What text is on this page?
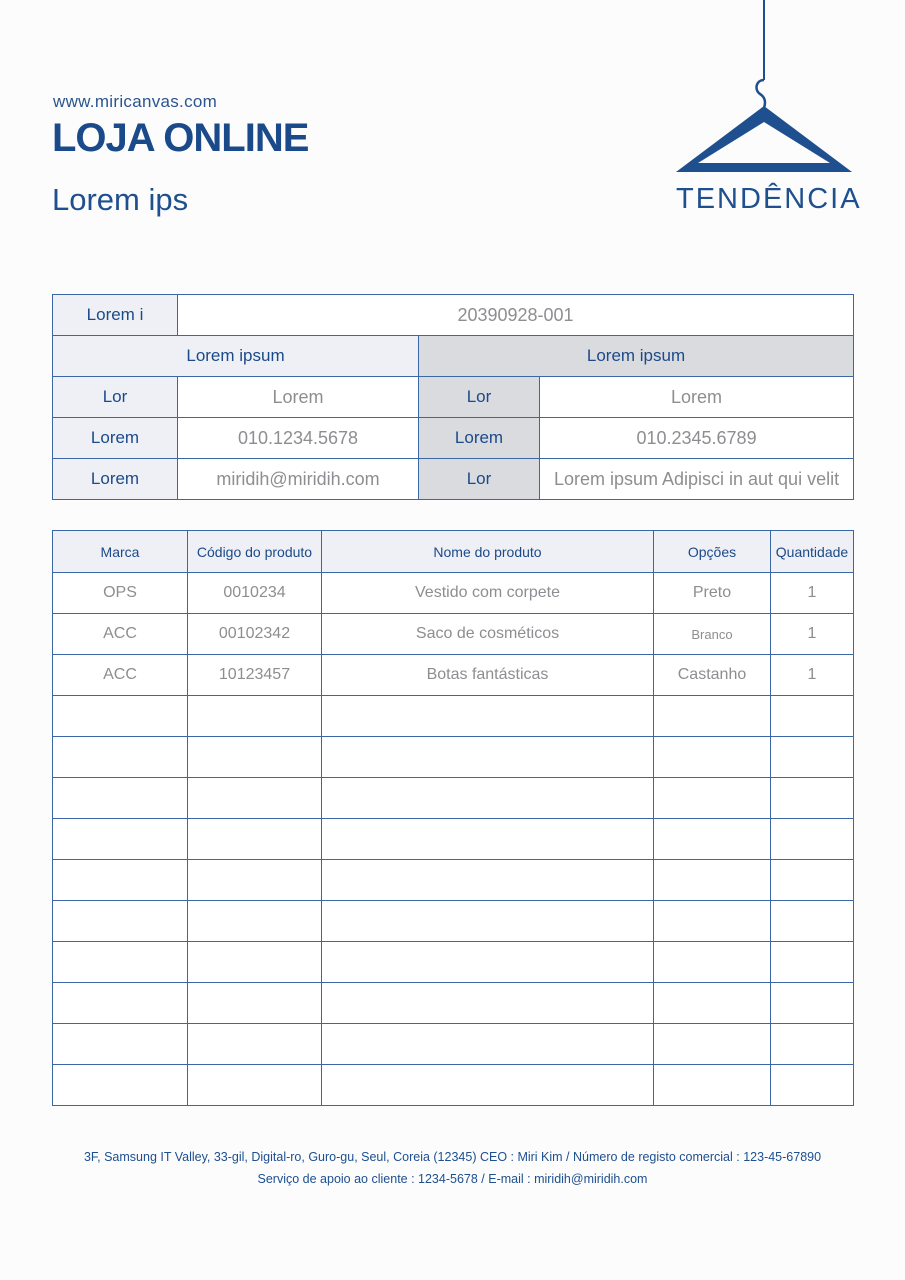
www.miricanvas.com
LOJA ONLINE
Lorem ips	TENDÊNCIA
Lorem i	20390928-001		
Lorem ipsum		Lorem ipsum	
Lor	Lorem	Lor	Lorem
Lorem	010.1234.5678	Lorem	010.2345.6789
Lorem	miridih@miridih.com	Lor	Lorem ipsum Adipisci in aut qui velit
Marca	Código do produto	Nome do produto	Opções	Quantidade
OPS	0010234	Vestido com corpete	Preto	1
ACC	00102342	Saco de cosméticos	Branco	1
ACC	10123457	Botas fantásticas	Castanho	1

3F, Samsung IT Valley, 33-gil, Digital-ro, Guro-gu, Seul, Coreia (12345) CEO : Miri Kim / Número de registo comercial : 123-45-67890
Serviço de apoio ao cliente : 1234-5678 / E-mail : miridih@miridih.com
